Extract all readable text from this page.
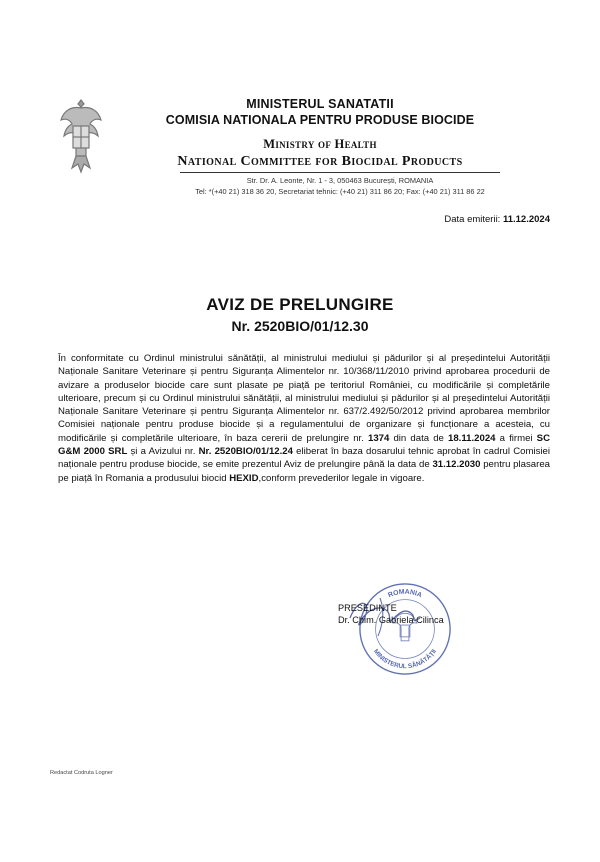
MINISTERUL SANATATII
COMISIA NATIONALA PENTRU PRODUSE BIOCIDE
Ministry of Health
National Committee for Biocidal Products
Str. Dr. A. Leonte, Nr. 1 - 3, 050463 București, ROMANIA
Tel: *(+40 21) 318 36 20, Secretariat tehnic: (+40 21) 311 86 20; Fax: (+40 21) 311 86 22
Data emiterii: 11.12.2024
AVIZ DE PRELUNGIRE
Nr. 2520BIO/01/12.30
În conformitate cu Ordinul ministrului sănătății, al ministrului mediului și pădurilor și al președintelui Autorității Naționale Sanitare Veterinare și pentru Siguranța Alimentelor nr. 10/368/11/2010 privind aprobarea procedurii de avizare a produselor biocide care sunt plasate pe piață pe teritoriul României, cu modificările și completările ulterioare, precum și cu Ordinul ministrului sănătății, al ministrului mediului și pădurilor și al președintelui Autorității Naționale Sanitare Veterinare și pentru Siguranța Alimentelor nr. 637/2.492/50/2012 privind aprobarea membrilor Comisiei naționale pentru produse biocide și a regulamentului de organizare și funcționare a acesteia, cu modificările și completările ulterioare, în baza cererii de prelungire nr. 1374 din data de 18.11.2024 a firmei SC G&M 2000 SRL și a Avizului nr. Nr. 2520BIO/01/12.24 eliberat în baza dosarului tehnic aprobat în cadrul Comisiei naționale pentru produse biocide, se emite prezentul Aviz de prelungire până la data de 31.12.2030 pentru plasarea pe piață în Romania a produsului biocid HEXID,conform prevederilor legale in vigoare.
ROMANIA
MINISTERUL SĂNĂTĂȚII
PRESEDINTE
Dr. Chim. Gabriela Cilinca
Redactat Codruta Logner
